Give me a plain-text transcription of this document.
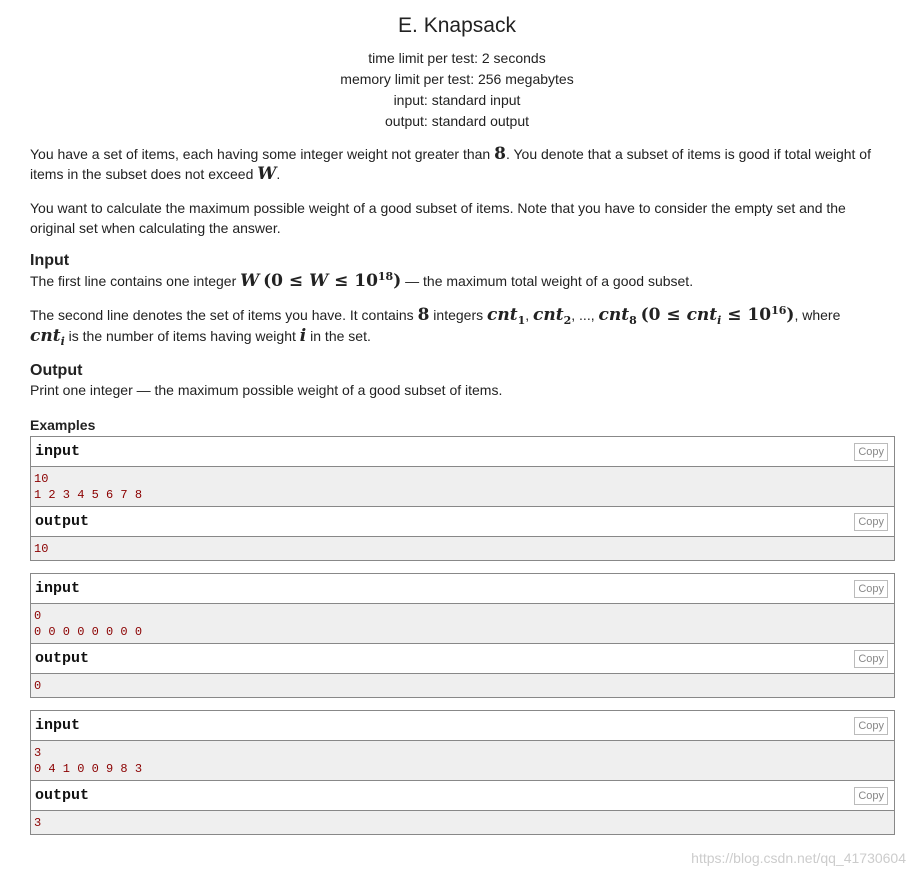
E. Knapsack
time limit per test: 2 seconds
memory limit per test: 256 megabytes
input: standard input
output: standard output
You have a set of items, each having some integer weight not greater than 8. You denote that a subset of items is good if total weight of items in the subset does not exceed W.
You want to calculate the maximum possible weight of a good subset of items. Note that you have to consider the empty set and the original set when calculating the answer.
Input
The first line contains one integer W $(0 \le W \le 10^{18})$ — the maximum total weight of a good subset.
The second line denotes the set of items you have. It contains 8 integers cnt$_1$, cnt$_2$, ..., cnt$_8$ $(0 \le cnt_i \le 10^{16})$, where cnt$_i$ is the number of items having weight i in the set.
Output
Print one integer — the maximum possible weight of a good subset of items.
Examples
input	Copy
10
1 2 3 4 5 6 7 8
output	Copy
10
input	Copy
0
0 0 0 0 0 0 0 0
output	Copy
0
input	Copy
3
0 4 1 0 0 9 8 3
output	Copy
3
https://blog.csdn.net/qq_41730604
